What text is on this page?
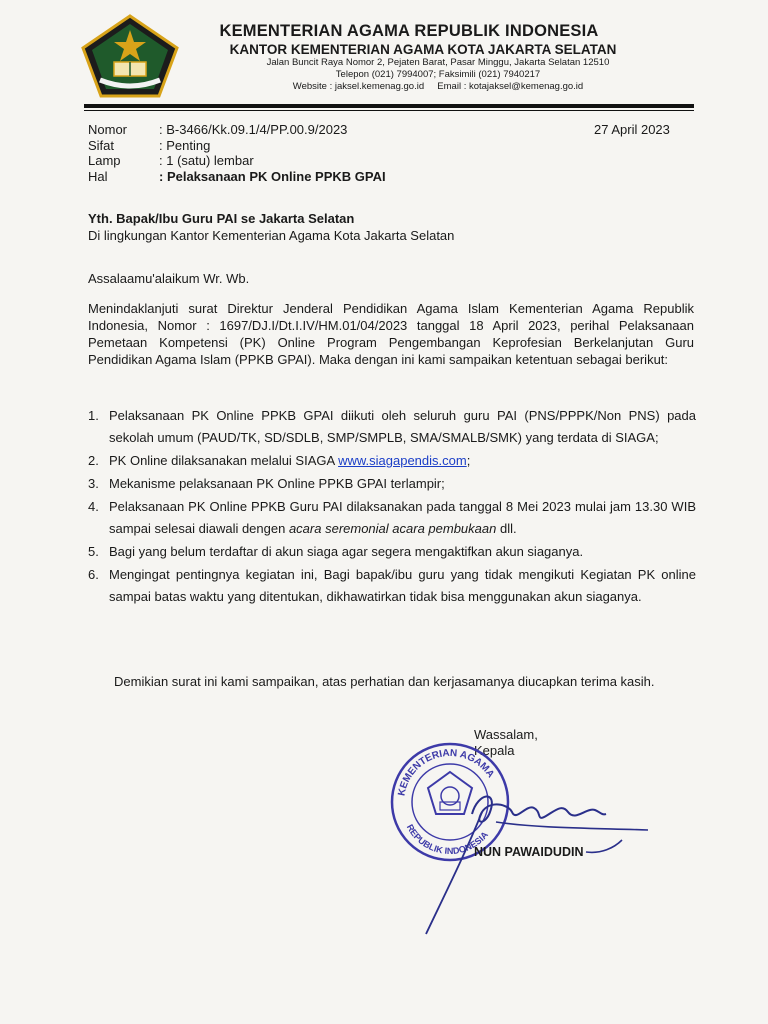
KEMENTERIAN AGAMA REPUBLIK INDONESIA
KANTOR KEMENTERIAN AGAMA KOTA JAKARTA SELATAN
Jalan Buncit Raya Nomor 2, Pejaten Barat, Pasar Minggu, Jakarta Selatan 12510
Telepon (021) 7994007; Faksimili (021) 7940217
Website : jaksel.kemenag.go.id     Email : kotajaksel@kemenag.go.id
Nomor	: B-3466/Kk.09.1/4/PP.00.9/2023
Sifat	: Penting
Lamp	: 1 (satu) lembar
Hal	: Pelaksanaan PK Online PPKB GPAI
27 April 2023
Yth. Bapak/Ibu Guru PAI se Jakarta Selatan
Di lingkungan Kantor Kementerian Agama Kota Jakarta Selatan
Assalaamu'alaikum Wr. Wb.
Menindaklanjuti surat Direktur Jenderal Pendidikan Agama Islam Kementerian Agama Republik Indonesia, Nomor : 1697/DJ.I/Dt.I.IV/HM.01/04/2023 tanggal 18 April 2023, perihal Pelaksanaan Pemetaan Kompetensi (PK) Online Program Pengembangan Keprofesian Berkelanjutan Guru Pendidikan Agama Islam (PPKB GPAI). Maka dengan ini kami sampaikan ketentuan sebagai berikut:
1. Pelaksanaan PK Online PPKB GPAI diikuti oleh seluruh guru PAI (PNS/PPPK/Non PNS) pada sekolah umum (PAUD/TK, SD/SDLB, SMP/SMPLB, SMA/SMALB/SMK) yang terdata di SIAGA;
2. PK Online dilaksanakan melalui SIAGA www.siagapendis.com;
3. Mekanisme pelaksanaan PK Online PPKB GPAI terlampir;
4. Pelaksanaan PK Online PPKB Guru PAI dilaksanakan pada tanggal 8 Mei 2023 mulai jam 13.30 WIB sampai selesai diawali dengen acara seremonial acara pembukaan dll.
5. Bagi yang belum terdaftar di akun siaga agar segera mengaktifkan akun siaganya.
6. Mengingat pentingnya kegiatan ini, Bagi bapak/ibu guru yang tidak mengikuti Kegiatan PK online sampai batas waktu yang ditentukan, dikhawatirkan tidak bisa menggunakan akun siaganya.
Demikian surat ini kami sampaikan, atas perhatian dan kerjasamanya diucapkan terima kasih.
Wassalam,
Kepala
KEMENTERIAN AGAMA
REPUBLIK INDONESIA
NUN PAWAIDUDIN
